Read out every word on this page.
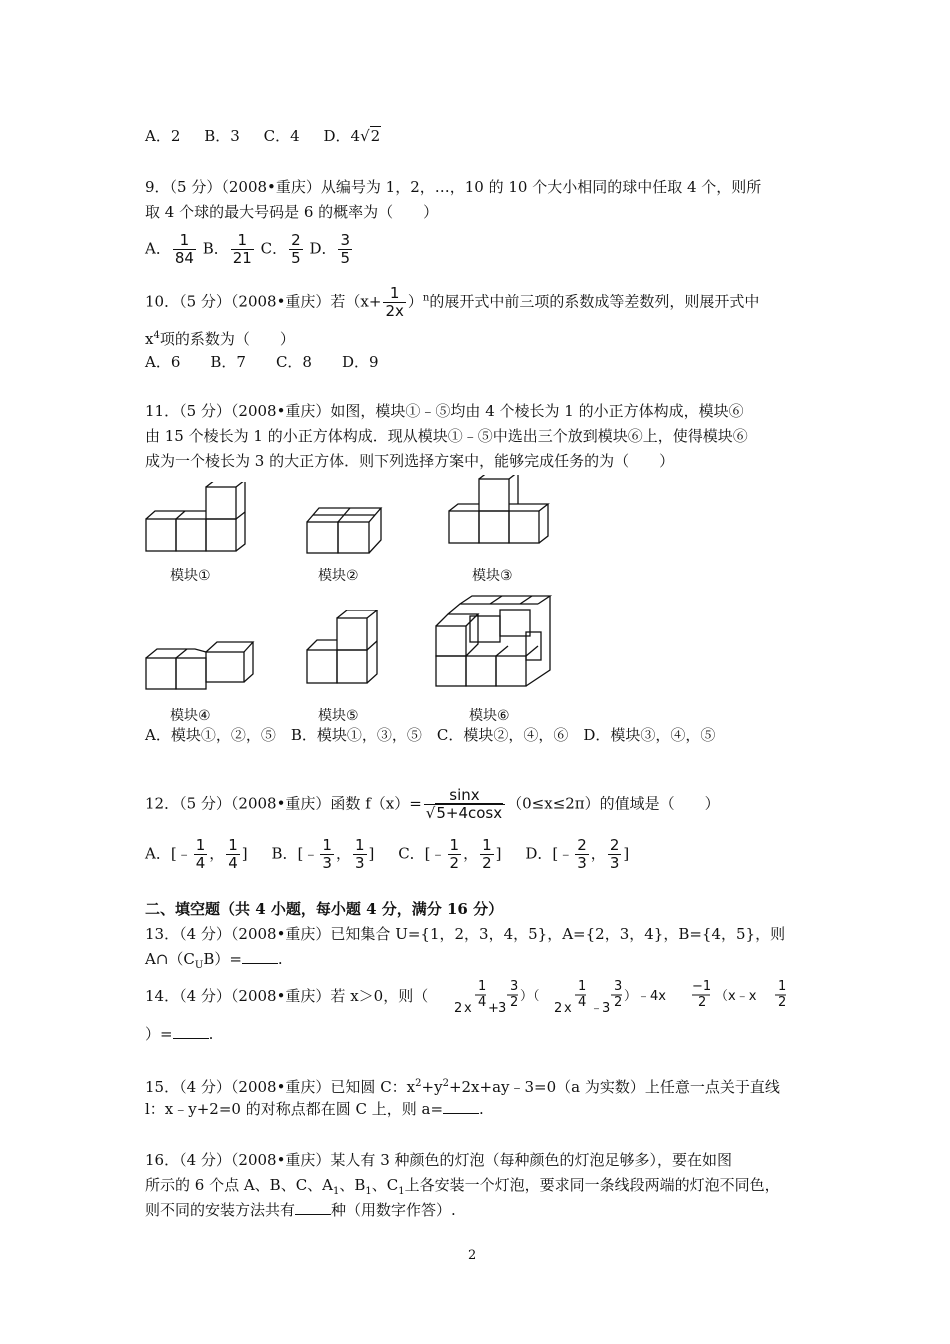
A．2 B．3 C．4 D．4√2
9．（5 分）（2008•重庆）从编号为 1，2，…，10 的 10 个大小相同的球中任取 4 个，则所
取 4 个球的最大号码是 6 的概率为（　　）
A． $\frac{1}{84}$ B． $\frac{1}{21}$ C． $\frac{2}{5}$ D． $\frac{3}{5}$
10．（5 分）（2008•重庆）若$(x+ \frac{1}{2x} )^n$的展开式中前三项的系数成等差数列，则展开式中
$x^4$项的系数为（　　）
A．6　　B．7　　C．8　　D．9
11．（5 分）（2008•重庆）如图，模块①﹣⑤均由 4 个棱长为 1 的小正方体构成，模块⑥
由 15 个棱长为 1 的小正方体构成．现从模块①﹣⑤中选出三个放到模块⑥上，使得模块⑥
成为一个棱长为 3 的大正方体．则下列选择方案中，能够完成任务的为（　　）
模块①	模块②	模块③
模块④	模块⑤	模块⑥
A．模块①，②，⑤　B．模块①，③，⑤　C．模块②，④，⑥　D．模块③，④，⑤
12．（5 分）（2008•重庆）函数 $f(x)= \frac{\sin x}{√5+4\cos x} (0\le x\le 2\pi)$的值域是（　　）
A．[﹣ $\frac{1}{4}$ ， $\frac{1}{4}$ ]     B．[﹣ $\frac{1}{3}$ ， $\frac{1}{3}$ ]     C．[﹣ $\frac{1}{2}$ ， $\frac{1}{2}$ ]     D．[﹣ $\frac{2}{3}$ ， $\frac{2}{3}$ ]
二、填空题（共 4 小题，每小题 4 分，满分 16 分）
13．（4 分）（2008•重庆）已知集合 U={1，2，3，4，5}，A={2，3，4}，B={4，5}，则
$A\cap(C_UB)=$ .
14．（4 分）（2008•重庆）若 x＞0，则（
2 x
1
4 + 3
3
2 ）（
2 x
1
4 ﹣
3
3
2 ）﹣4x
−1
2 （x﹣x
1
2
）= .
15．（4 分）（2008•重庆）已知圆 C：$x^2+y^2+2x+ay﹣3=0(a$ 为实数）上任意一点关于直线
l：x﹣y+2=0 的对称点都在圆 C 上，则 a= .
16．（4 分）（2008•重庆）某人有 3 种颜色的灯泡（每种颜色的灯泡足够多），要在如图
所示的 6 个点 A、B、C、$A_1$、$B_1$、$C_1$上各安装一个灯泡，要求同一条线段两端的灯泡不同色，
则不同的安装方法共有 种（用数字作答）.
2
